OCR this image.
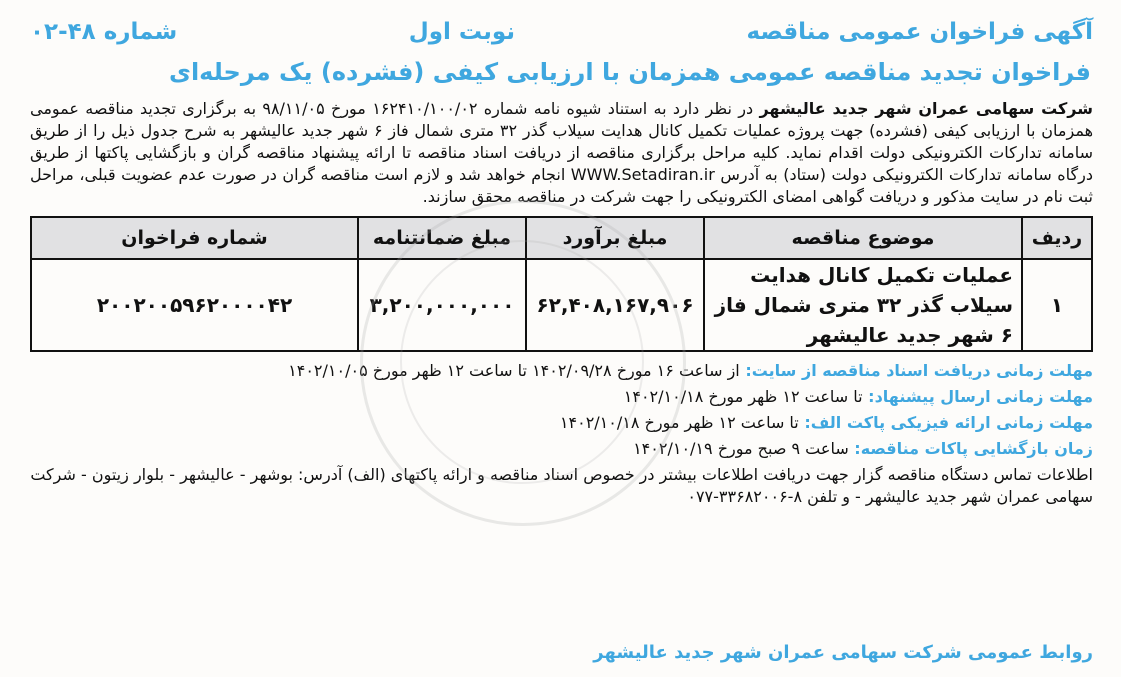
آگهی فراخوان عمومی مناقصه
نوبت اول
شماره ۴۸-۰۲
فراخوان تجدید مناقصه عمومی همزمان با ارزیابی کیفی (فشرده) یک مرحله‌ای

شرکت سهامی عمران شهر جدید عالیشهر در نظر دارد به استناد شیوه نامه شماره ۱۶۲۴۱۰/۱۰۰/۰۲ مورخ ۹۸/۱۱/۰۵ به برگزاری تجدید مناقصه عمومی همزمان با ارزیابی کیفی (فشرده) جهت پروژه عملیات تکمیل کانال هدایت سیلاب گذر ۳۲ متری شمال فاز ۶ شهر جدید عالیشهر به شرح جدول ذیل را از طریق سامانه تدارکات الکترونیکی دولت اقدام نماید. کلیه مراحل برگزاری مناقصه از دریافت اسناد مناقصه تا ارائه پیشنهاد مناقصه گران و بازگشایی پاکتها از طریق درگاه سامانه تدارکات الکترونیکی دولت (ستاد) به آدرس WWW.Setadiran.ir انجام خواهد شد و لازم است مناقصه گران در صورت عدم عضویت قبلی، مراحل ثبت نام در سایت مذکور و دریافت گواهی امضای الکترونیکی را جهت شرکت در مناقصه محقق سازند.

ردیف	موضوع مناقصه	مبلغ برآورد	مبلغ ضمانتنامه	شماره فراخوان
۱	عملیات تکمیل کانال هدایت سیلاب گذر ۳۲ متری شمال فاز ۶ شهر جدید عالیشهر	۶۲,۴۰۸,۱۶۷,۹۰۶	۳,۲۰۰,۰۰۰,۰۰۰	۲۰۰۲۰۰۵۹۶۲۰۰۰۰۴۲
مهلت زمانی دریافت اسناد مناقصه از سایت: از ساعت ۱۶ مورخ ۱۴۰۲/۰۹/۲۸ تا ساعت ۱۲ ظهر مورخ ۱۴۰۲/۱۰/۰۵
مهلت زمانی ارسال پیشنهاد: تا ساعت ۱۲ ظهر مورخ ۱۴۰۲/۱۰/۱۸
مهلت زمانی ارائه فیزیکی پاکت الف: تا ساعت ۱۲ ظهر مورخ ۱۴۰۲/۱۰/۱۸
زمان بازگشایی پاکات مناقصه: ساعت ۹ صبح مورخ ۱۴۰۲/۱۰/۱۹
اطلاعات تماس دستگاه مناقصه گزار جهت دریافت اطلاعات بیشتر در خصوص اسناد مناقصه و ارائه پاکتهای (الف) آدرس: بوشهر - عالیشهر - بلوار زیتون - شرکت سهامی عمران شهر جدید عالیشهر - و تلفن ۸-۳۳۶۸۲۰۰۶-۰۷۷
روابط عمومی شرکت سهامی عمران شهر جدید عالیشهر
